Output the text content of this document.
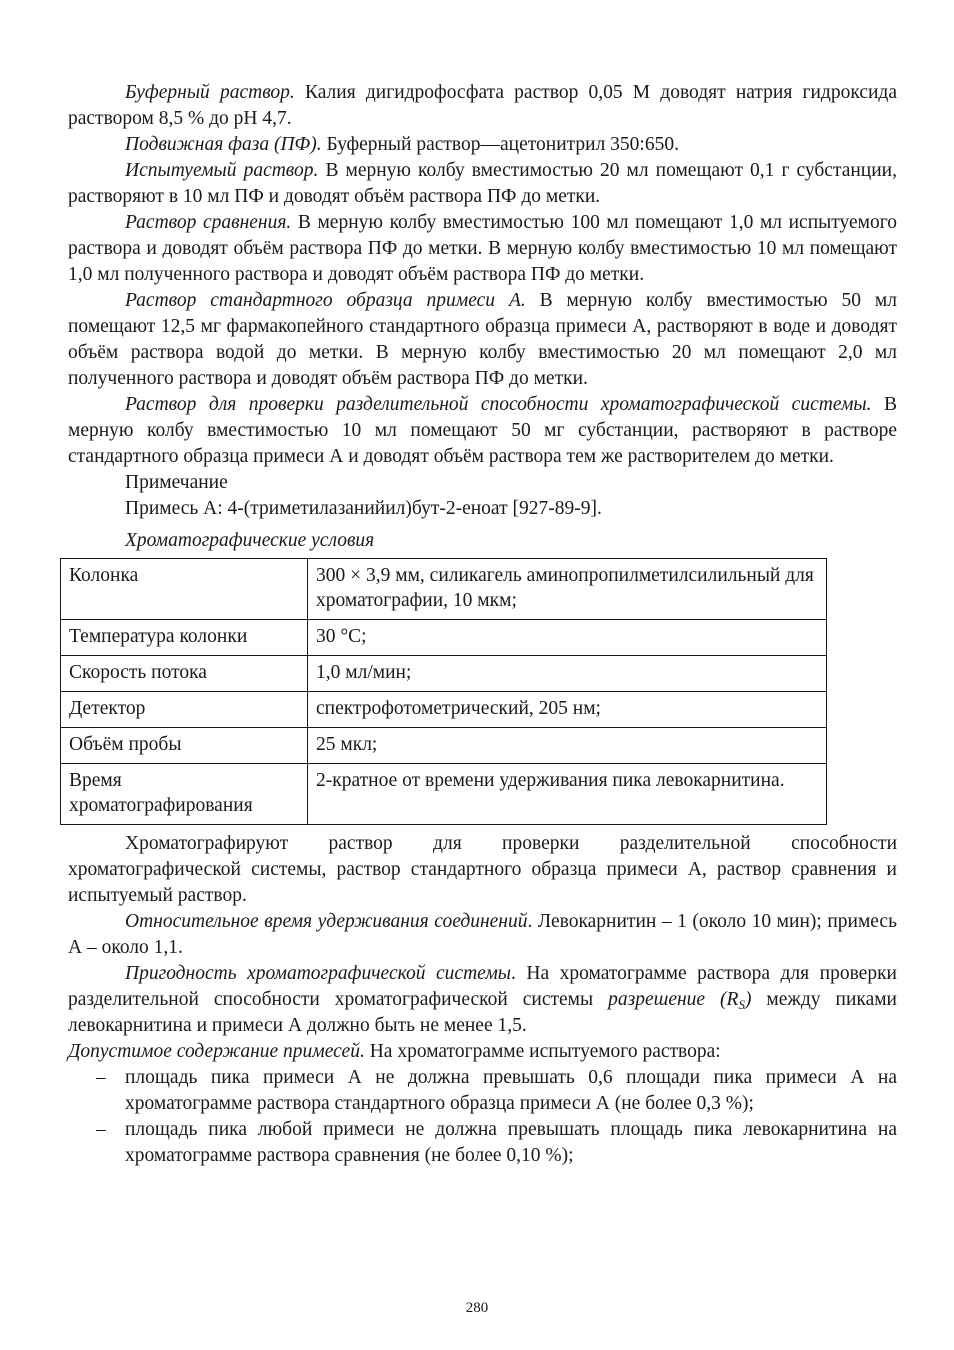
Буферный раствор. Калия дигидрофосфата раствор 0,05 М доводят натрия гидроксида раствором 8,5 % до рН 4,7.

Подвижная фаза (ПФ). Буферный раствор—ацетонитрил 350:650.

Испытуемый раствор. В мерную колбу вместимостью 20 мл помещают 0,1 г субстанции, растворяют в 10 мл ПФ и доводят объём раствора ПФ до метки.

Раствор сравнения. В мерную колбу вместимостью 100 мл помещают 1,0 мл испытуемого раствора и доводят объём раствора ПФ до метки. В мерную колбу вместимостью 10 мл помещают 1,0 мл полученного раствора и доводят объём раствора ПФ до метки.

Раствор стандартного образца примеси А. В мерную колбу вместимостью 50 мл помещают 12,5 мг фармакопейного стандартного образца примеси А, растворяют в воде и доводят объём раствора водой до метки. В мерную колбу вместимостью 20 мл помещают 2,0 мл полученного раствора и доводят объём раствора ПФ до метки.

Раствор для проверки разделительной способности хроматографической системы. В мерную колбу вместимостью 10 мл помещают 50 мг субстанции, растворяют в растворе стандартного образца примеси А и доводят объём раствора тем же растворителем до метки.

Примечание

Примесь А: 4-(триметилазанийил)бут-2-еноат [927-89-9].

Хроматографические условия

Колонка	300 × 3,9 мм, силикагель аминопропилметилсилильный для хроматографии, 10 мкм;
Температура колонки	30 °С;
Скорость потока	1,0 мл/мин;
Детектор	спектрофотометрический, 205 нм;
Объём пробы	25 мкл;
Время хроматографирования	2-кратное от времени удерживания пика левокарнитина.

Хроматографируют раствор для проверки разделительной способности хроматографической системы, раствор стандартного образца примеси А, раствор сравнения и испытуемый раствор.

Относительное время удерживания соединений. Левокарнитин – 1 (около 10 мин); примесь А – около 1,1.

Пригодность хроматографической системы. На хроматограмме раствора для проверки разделительной способности хроматографической системы разрешение $(R_S)$ между пиками левокарнитина и примеси А должно быть не менее 1,5.

Допустимое содержание примесей. На хроматограмме испытуемого раствора:

– площадь пика примеси А не должна превышать 0,6 площади пика примеси А на хроматограмме раствора стандартного образца примеси А (не более 0,3 %);
– площадь пика любой примеси не должна превышать площадь пика левокарнитина на хроматограмме раствора сравнения (не более 0,10 %);
280
